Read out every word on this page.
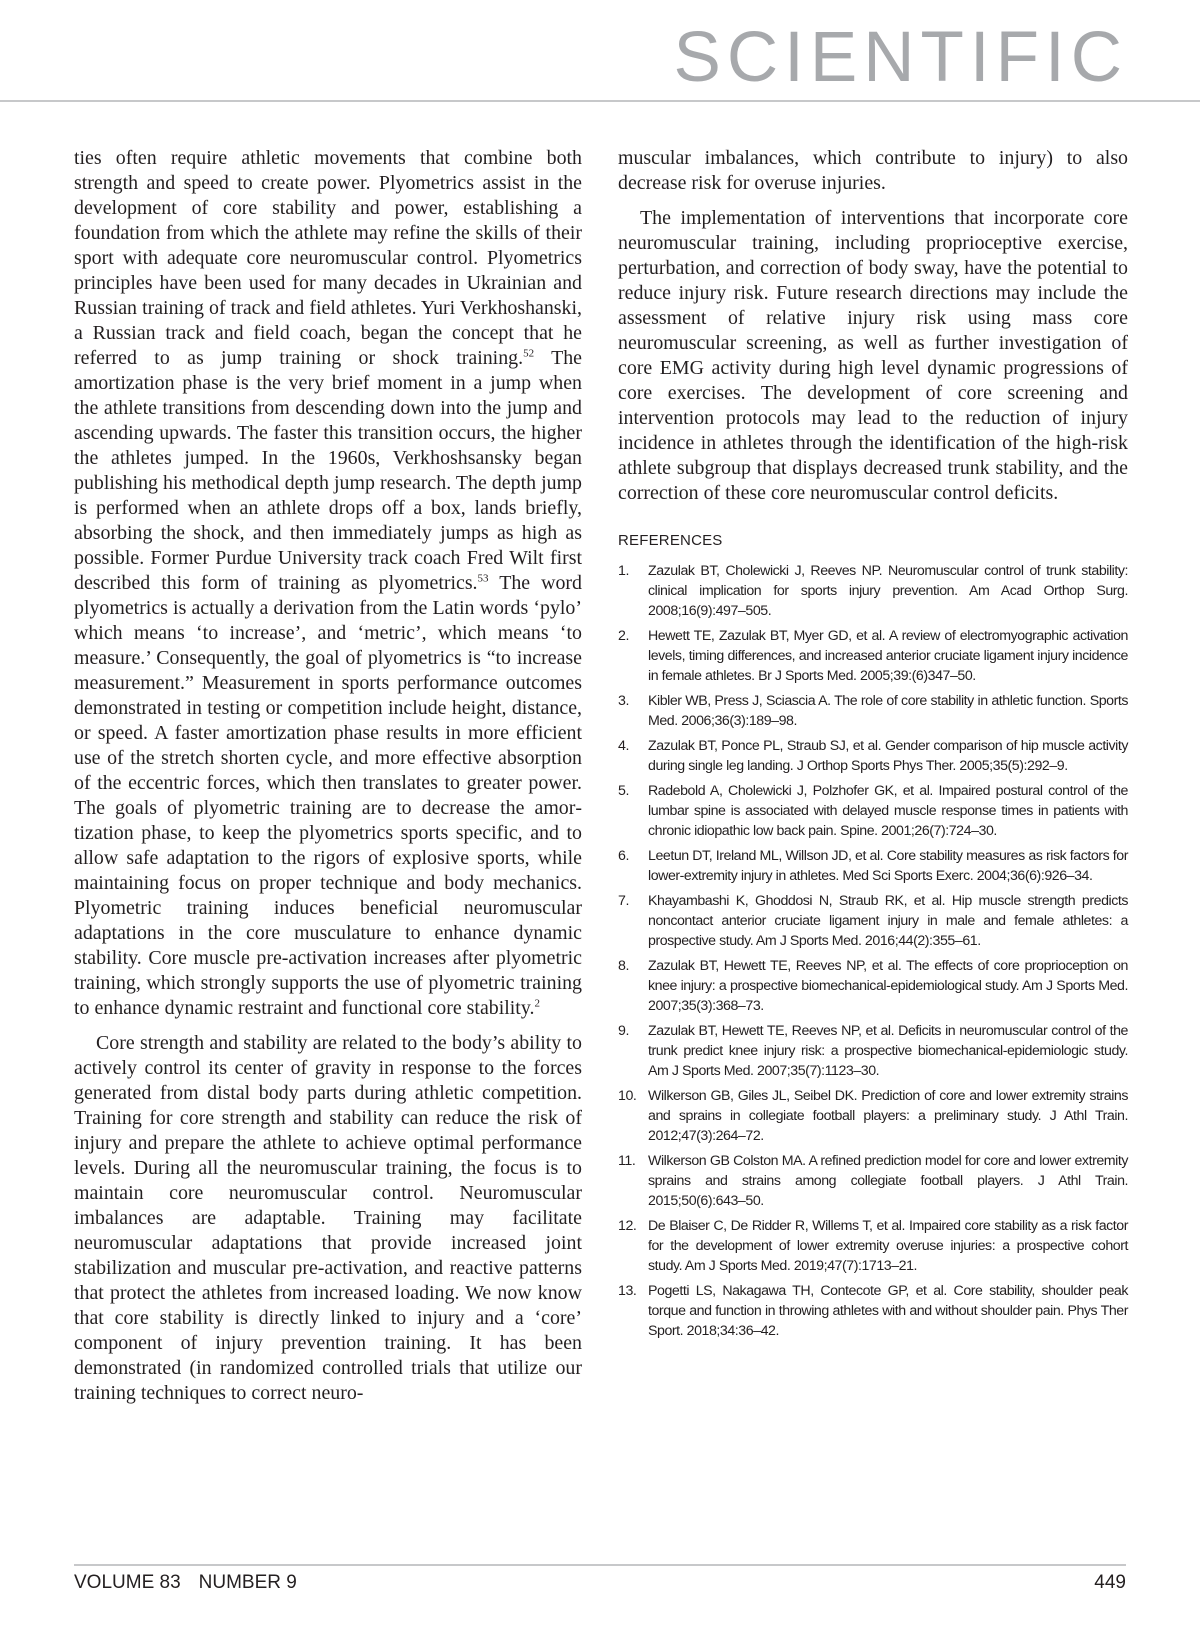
SCIENTIFIC

ties often require athletic movements that combine both strength and speed to create power. Plyometrics assist in the development of core stability and power, establishing a foundation from which the athlete may refine the skills of their sport with adequate core neuromuscular control. Plyometrics principles have been used for many decades in Ukrainian and Russian training of track and field athletes. Yuri Verkhoshanski, a Russian track and field coach, began the concept that he referred to as jump training or shock training.$^{52}$ The amortization phase is the very brief moment in a jump when the athlete transitions from descending down into the jump and ascending upwards. The faster this transition occurs, the higher the athletes jumped. In the 1960s, Verkhoshsansky began publishing his methodical depth jump research. The depth jump is performed when an athlete drops off a box, lands briefly, absorbing the shock, and then immediately jumps as high as possible. Former Purdue University track coach Fred Wilt first described this form of training as plyometrics.$^{53}$ The word plyometrics is actually a derivation from the Latin words ‘pylo’ which means ‘to increase’, and ‘metric’, which means ‘to measure.’ Consequently, the goal of plyometrics is “to increase measurement.” Measurement in sports performance outcomes demonstrated in testing or competition include height, distance, or speed. A faster amortization phase results in more efficient use of the stretch shorten cycle, and more effective absorption of the eccentric forces, which then translates to greater power. The goals of plyometric training are to decrease the amortization phase, to keep the plyometrics sports specific, and to allow safe adaptation to the rigors of explosive sports, while maintaining focus on proper technique and body mechanics. Plyometric training induces beneficial neuromuscular adaptations in the core musculature to enhance dynamic stability. Core muscle pre-activation increases after plyometric training, which strongly supports the use of plyometric training to enhance dynamic restraint and functional core stability.$^2$

Core strength and stability are related to the body’s ability to actively control its center of gravity in response to the forces generated from distal body parts during athletic competition. Training for core strength and stability can reduce the risk of injury and prepare the athlete to achieve optimal performance levels. During all the neuromuscular training, the focus is to maintain core neuromuscular control. Neuromuscular imbalances are adaptable. Training may facilitate neuromuscular adaptations that provide increased joint stabilization and muscular pre-activation, and reactive patterns that protect the athletes from increased loading. We now know that core stability is directly linked to injury and a ‘core’ component of injury prevention training. It has been demonstrated (in randomized controlled trials that utilize our training techniques to correct neuro-

muscular imbalances, which contribute to injury) to also decrease risk for overuse injuries.

The implementation of interventions that incorporate core neuromuscular training, including proprioceptive exercise, perturbation, and correction of body sway, have the potential to reduce injury risk. Future research directions may include the assessment of relative injury risk using mass core neuromuscular screening, as well as further investigation of core EMG activity during high level dynamic progressions of core exercises. The development of core screening and intervention protocols may lead to the reduction of injury incidence in athletes through the identification of the high-risk athlete subgroup that displays decreased trunk stability, and the correction of these core neuromuscular control deficits.

REFERENCES
1.	Zazulak BT, Cholewicki J, Reeves NP. Neuromuscular control of trunk stability: clinical implication for sports injury prevention. Am Acad Orthop Surg. 2008;16(9):497–505.
2.	Hewett TE, Zazulak BT, Myer GD, et al. A review of electromyographic activation levels, timing differences, and increased anterior cruciate ligament injury incidence in female athletes. Br J Sports Med. 2005;39:(6)347–50.
3.	Kibler WB, Press J, Sciascia A. The role of core stability in athletic function. Sports Med. 2006;36(3):189–98.
4.	Zazulak BT, Ponce PL, Straub SJ, et al. Gender comparison of hip muscle activity during single leg landing. J Orthop Sports Phys Ther. 2005;35(5):292–9.
5.	Radebold A, Cholewicki J, Polzhofer GK, et al. Impaired postural control of the lumbar spine is associated with delayed muscle response times in patients with chronic idiopathic low back pain. Spine. 2001;26(7):724–30.
6.	Leetun DT, Ireland ML, Willson JD, et al. Core stability measures as risk factors for lower-extremity injury in athletes. Med Sci Sports Exerc. 2004;36(6):926–34.
7.	Khayambashi K, Ghoddosi N, Straub RK, et al. Hip muscle strength predicts noncontact anterior cruciate ligament injury in male and female athletes: a prospective study. Am J Sports Med. 2016;44(2):355–61.
8.	Zazulak BT, Hewett TE, Reeves NP, et al. The effects of core proprioception on knee injury: a prospective biomechanical-epidemiological study. Am J Sports Med. 2007;35(3):368–73.
9.	Zazulak BT, Hewett TE, Reeves NP, et al. Deficits in neuromuscular control of the trunk predict knee injury risk: a prospective biomechanical-epidemiologic study. Am J Sports Med. 2007;35(7):1123–30.
10. Wilkerson GB, Giles JL, Seibel DK. Prediction of core and lower extremity strains and sprains in collegiate football players: a preliminary study. J Athl Train. 2012;47(3):264–72.
11. Wilkerson GB Colston MA. A refined prediction model for core and lower extremity sprains and strains among collegiate football players. J Athl Train. 2015;50(6):643–50.
12. De Blaiser C, De Ridder R, Willems T, et al. Impaired core stability as a risk factor for the development of lower extremity overuse injuries: a prospective cohort study. Am J Sports Med. 2019;47(7):1713–21.
13. Pogetti LS, Nakagawa TH, Contecote GP, et al. Core stability, shoulder peak torque and function in throwing athletes with and without shoulder pain. Phys Ther Sport. 2018;34:36–42.
VOLUME 83 NUMBER 9	449
